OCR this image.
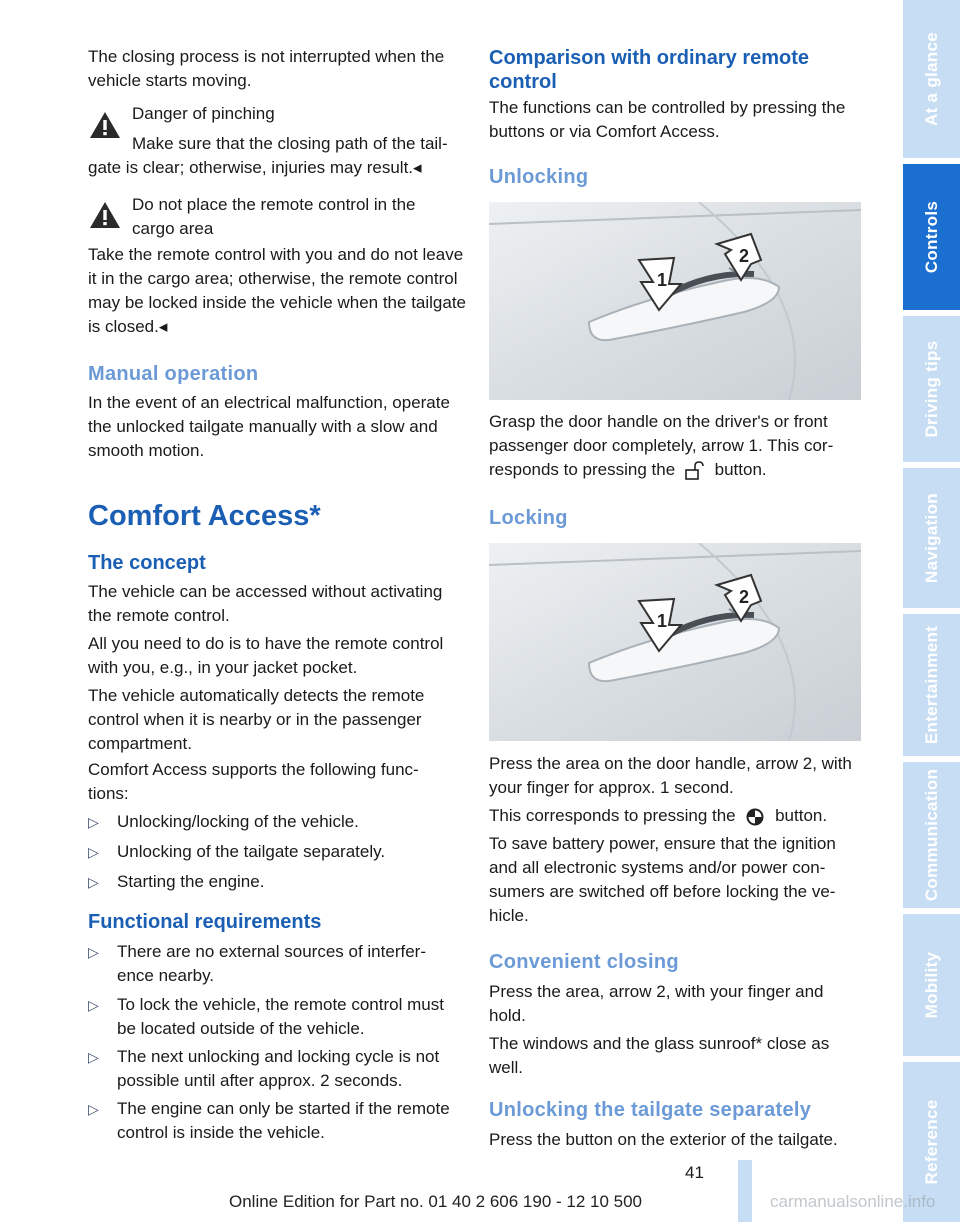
The closing process is not interrupted when the vehicle starts moving.

Danger of pinching

Make sure that the closing path of the tail-

gate is clear; otherwise, injuries may result.◂

Do not place the remote control in the

cargo area

Take the remote control with you and do not leave it in the cargo area; otherwise, the remote control may be locked inside the vehicle when the tailgate is closed.◂

Manual operation

In the event of an electrical malfunction, operate the unlocked tailgate manually with a slow and smooth motion.

Comfort Access*
The concept

The vehicle can be accessed without activating the remote control.

All you need to do is to have the remote control with you, e.g., in your jacket pocket.

The vehicle automatically detects the remote control when it is nearby or in the passenger compartment.

Comfort Access supports the following func-tions:

▷ Unlocking/locking of the vehicle.

▷ Unlocking of the tailgate separately.

▷ Starting the engine.

Functional requirements
▷ There are no external sources of interfer-ence nearby.

▷ To lock the vehicle, the remote control must be located outside of the vehicle.

▷ The next unlocking and locking cycle is not possible until after approx. 2 seconds.

▷ The engine can only be started if the remote control is inside the vehicle.

Comparison with ordinary remote control

The functions can be controlled by pressing the buttons or via Comfort Access.

Unlocking
1
2

Grasp the door handle on the driver's or front passenger door completely, arrow 1. This cor-

responds to pressing the button.

Locking
1
2

Press the area on the door handle, arrow 2, with your finger for approx. 1 second.

This corresponds to pressing the button.

To save battery power, ensure that the ignition and all electronic systems and/or power con-sumers are switched off before locking the ve-hicle.

Convenient closing

Press the area, arrow 2, with your finger and hold.

The windows and the glass sunroof* close as well.

Unlocking the tailgate separately

Press the button on the exterior of the tailgate.

At a glance
Controls
Driving tips
Navigation
Entertainment
Communication
Mobility
Reference
41
Online Edition for Part no. 01 40 2 606 190 - 12 10 500	carmanualsonline.info
